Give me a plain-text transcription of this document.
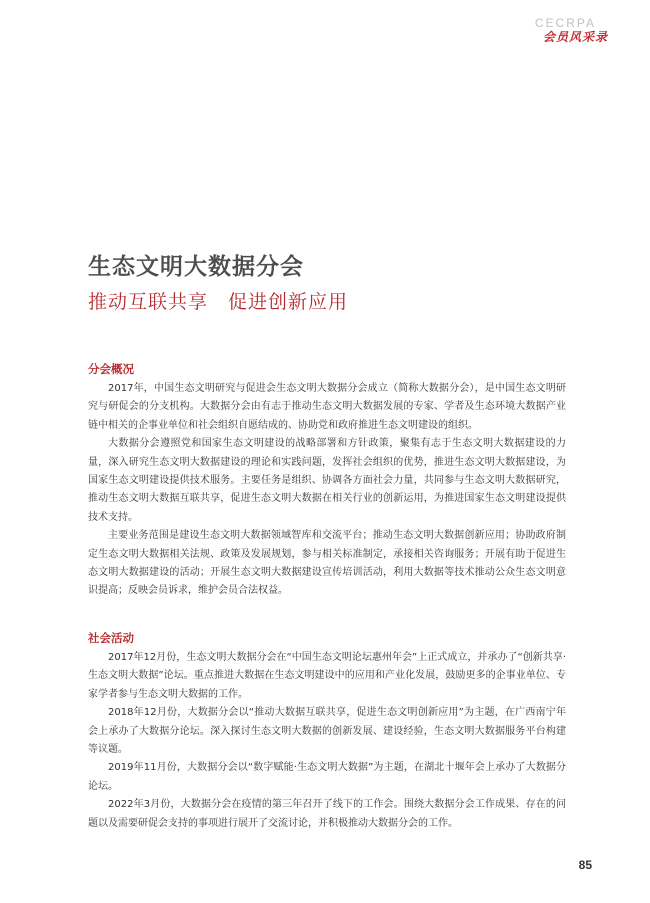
CECRPA
会员风采录
生态文明大数据分会
推动互联共享　促进创新应用
分会概况

2017年，中国生态文明研究与促进会生态文明大数据分会成立（简称大数据分会），是中国生态文明研究与研促会的分支机构。大数据分会由有志于推动生态文明大数据发展的专家、学者及生态环境大数据产业链中相关的企事业单位和社会组织自愿结成的、协助党和政府推进生态文明建设的组织。

大数据分会遵照党和国家生态文明建设的战略部署和方针政策，聚集有志于生态文明大数据建设的力量，深入研究生态文明大数据建设的理论和实践问题，发挥社会组织的优势，推进生态文明大数据建设，为国家生态文明建设提供技术服务。主要任务是组织、协调各方面社会力量，共同参与生态文明大数据研究，推动生态文明大数据互联共享，促进生态文明大数据在相关行业的创新运用，为推进国家生态文明建设提供技术支持。

主要业务范围是建设生态文明大数据领域智库和交流平台；推动生态文明大数据创新应用；协助政府制定生态文明大数据相关法规、政策及发展规划，参与相关标准制定，承接相关咨询服务；开展有助于促进生态文明大数据建设的活动；开展生态文明大数据建设宣传培训活动，利用大数据等技术推动公众生态文明意识提高；反映会员诉求，维护会员合法权益。

社会活动

2017年12月份，生态文明大数据分会在“中国生态文明论坛惠州年会”上正式成立，并承办了“创新共享·生态文明大数据”论坛。重点推进大数据在生态文明建设中的应用和产业化发展，鼓励更多的企事业单位、专家学者参与生态文明大数据的工作。

2018年12月份，大数据分会以“推动大数据互联共享，促进生态文明创新应用”为主题，在广西南宁年会上承办了大数据分论坛。深入探讨生态文明大数据的创新发展、建设经验，生态文明大数据服务平台构建等议题。

2019年11月份，大数据分会以“数字赋能·生态文明大数据”为主题，在湖北十堰年会上承办了大数据分论坛。

2022年3月份，大数据分会在疫情的第三年召开了线下的工作会。围绕大数据分会工作成果、存在的问题以及需要研促会支持的事项进行展开了交流讨论，并积极推动大数据分会的工作。

85
